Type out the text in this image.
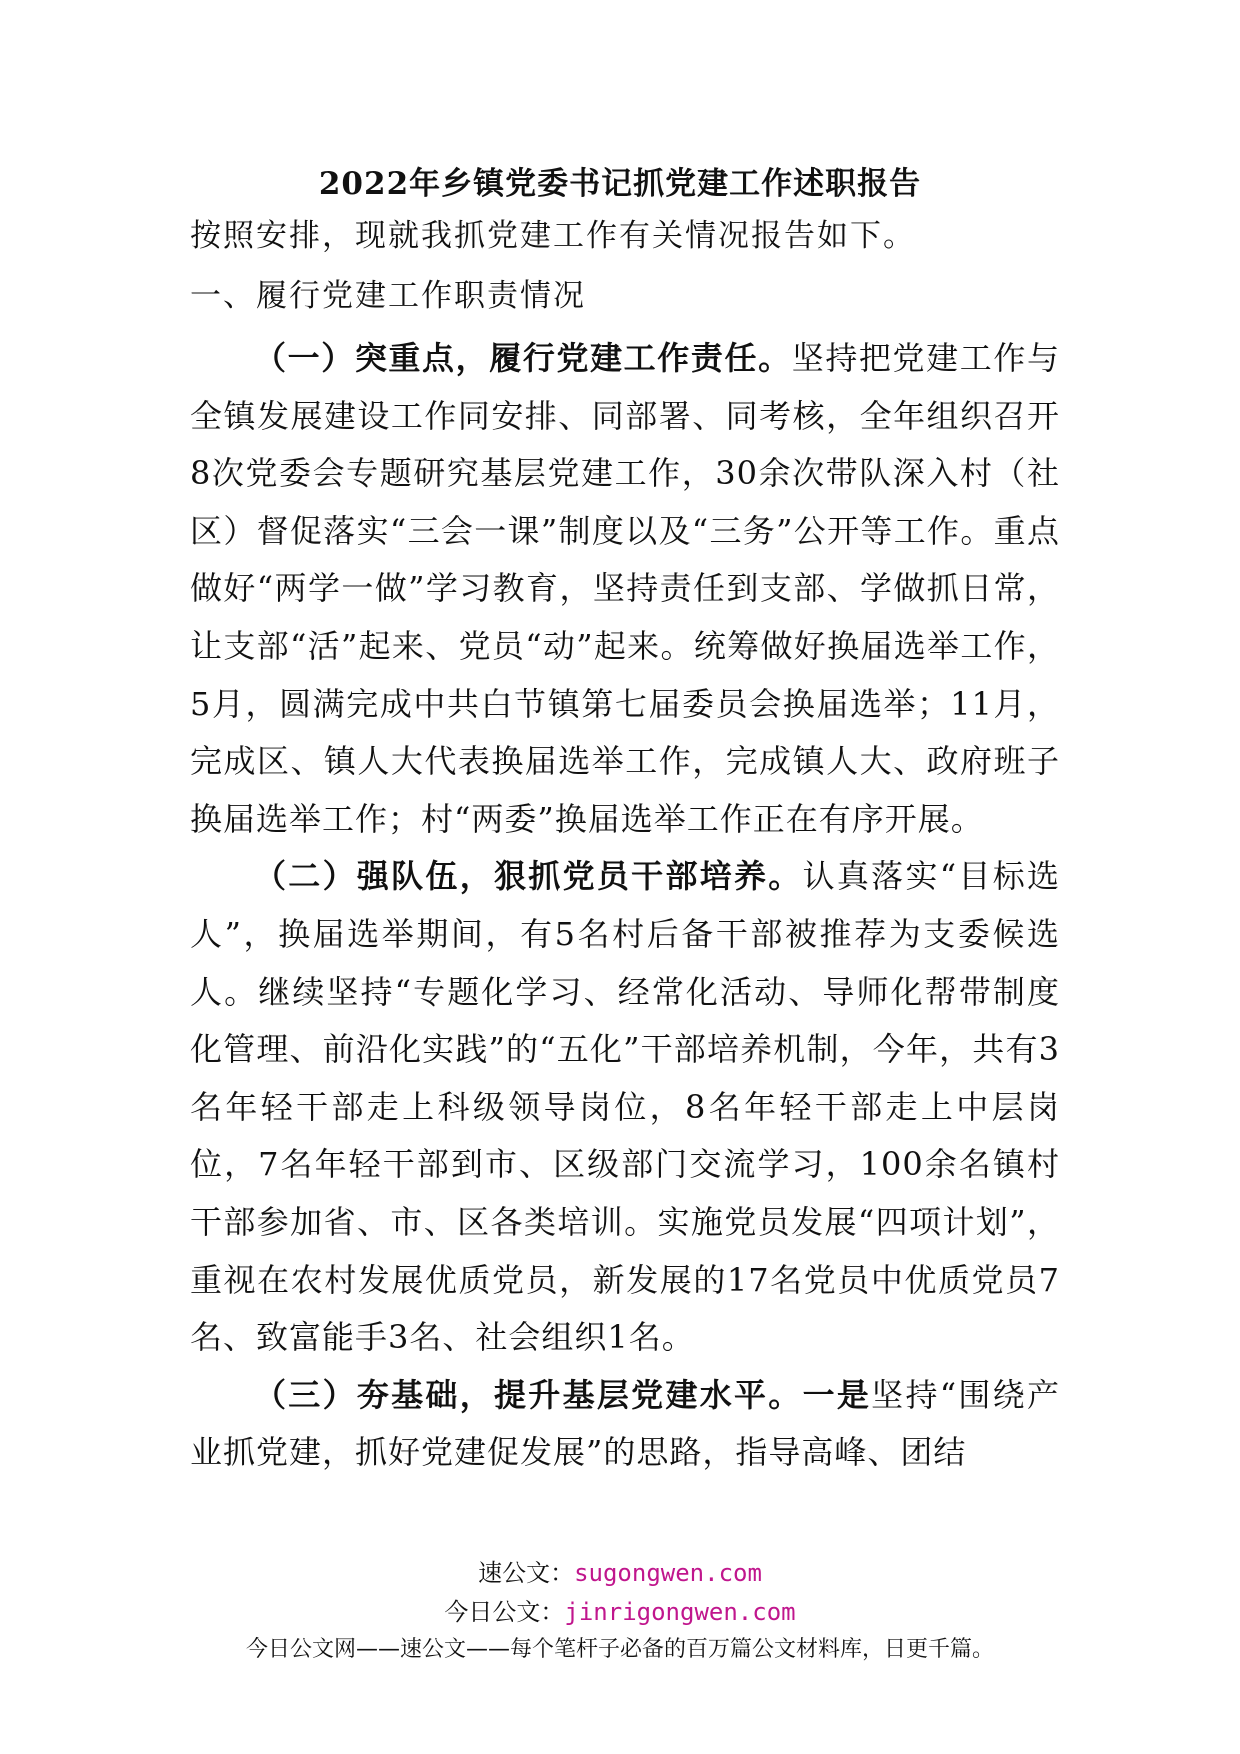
2022年乡镇党委书记抓党建工作述职报告
按照安排，现就我抓党建工作有关情况报告如下。
一、履行党建工作职责情况

（一）突重点，履行党建工作责任。坚持把党建工作与全镇发展建设工作同安排、同部署、同考核，全年组织召开8次党委会专题研究基层党建工作，30余次带队深入村（社区）督促落实“三会一课”制度以及“三务”公开等工作。重点做好“两学一做”学习教育，坚持责任到支部、学做抓日常，让支部“活”起来、党员“动”起来。统筹做好换届选举工作，5月，圆满完成中共白节镇第七届委员会换届选举；11月，完成区、镇人大代表换届选举工作，完成镇人大、政府班子换届选举工作；村“两委”换届选举工作正在有序开展。

（二）强队伍，狠抓党员干部培养。认真落实“目标选人”，换届选举期间，有5名村后备干部被推荐为支委候选人。继续坚持“专题化学习、经常化活动、导师化帮带制度化管理、前沿化实践”的“五化”干部培养机制，今年，共有3名年轻干部走上科级领导岗位，8名年轻干部走上中层岗位，7名年轻干部到市、区级部门交流学习，100余名镇村干部参加省、市、区各类培训。实施党员发展“四项计划”，重视在农村发展优质党员，新发展的17名党员中优质党员7名、致富能手3名、社会组织1名。

（三）夯基础，提升基层党建水平。一是坚持“围绕产业抓党建，抓好党建促发展”的思路，指导高峰、团结

速公文：sugongwen.com
今日公文：jinrigongwen.com
今日公文网——速公文——每个笔杆子必备的百万篇公文材料库，日更千篇。
